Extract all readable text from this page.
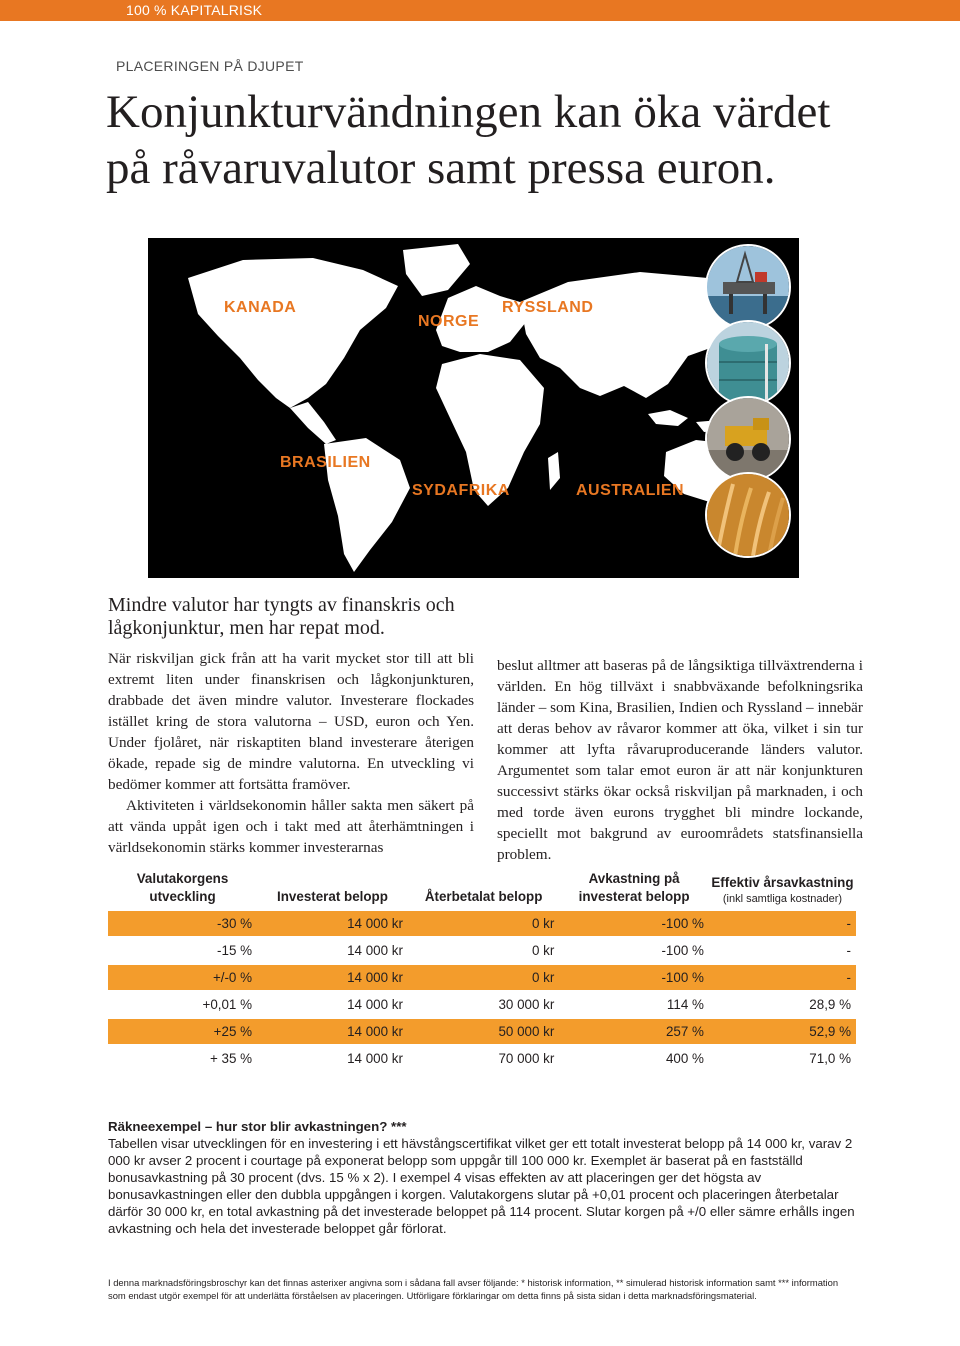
100 % KAPITALRISK
PLACERINGEN PÅ DJUPET
Konjunkturvändningen kan öka värdet på råvaruvalutor samt pressa euron.
KANADA
NORGE
RYSSLAND
BRASILIEN
SYDAFRIKA	AUSTRALIEN
Mindre valutor har tyngts av finanskris och lågkonjunktur, men har repat mod.

När riskviljan gick från att ha varit mycket stor till att bli extremt liten under finanskrisen och lågkonjunkturen, drabbade det även mindre valutor. Investerare flockades istället kring de stora valutorna – USD, euron och Yen. Under fjolåret, när riskaptiten bland investerare återigen ökade, repade sig de mindre valutorna. En utveckling vi bedömer kommer att fortsätta framöver.

Aktiviteten i världsekonomin håller sakta men säkert på att vända uppåt igen och i takt med att återhämtningen i världsekonomin stärks kommer investerarnas

beslut alltmer att baseras på de långsiktiga tillväxtrenderna i världen. En hög tillväxt i snabbväxande befolkningsrika länder – som Kina, Brasilien, Indien och Ryssland – innebär att deras behov av råvaror kommer att öka, vilket i sin tur kommer att lyfta råvaruproducerande länders valutor. Argumentet som talar emot euron är att när konjunkturen successivt stärks ökar också riskviljan på marknaden, i och med torde även eurons trygghet bli mindre lockande, speciellt mot bakgrund av euroområdets statsfinansiella problem.

Valutakorgens utveckling	Investerat belopp	Återbetalat belopp	Avkastning på investerat belopp	Effektiv årsavkastning
(inkl samtliga kostnader)

-30 %	14 000 kr	0 kr	-100 %	-
-15 %	14 000 kr	0 kr	-100 %	-
+/-0 %	14 000 kr	0 kr	-100 %	-
+0,01 %	14 000 kr	30 000 kr	114 %	28,9 %
+25 %	14 000 kr	50 000 kr	257 %	52,9 %
+ 35 %	14 000 kr	70 000 kr	400 %	71,0 %
Räkneexempel – hur stor blir avkastningen? ***
Tabellen visar utvecklingen för en investering i ett hävstångscertifikat vilket ger ett totalt investerat belopp på 14 000 kr, varav 2 000 kr avser 2 procent i courtage på exponerat belopp som uppgår till 100 000 kr. Exemplet är baserat på en fastställd bonusavkastning på 30 procent (dvs. 15 % x 2). I exempel 4 visas effekten av att placeringen ger det högsta av bonusavkastningen eller den dubbla uppgången i korgen. Valutakorgens slutar på +0,01 procent och placeringen återbetalar därför 30 000 kr, en total avkastning på det investerade beloppet på 114 procent. Slutar korgen på +/0 eller sämre erhålls ingen avkastning och hela det investerade beloppet går förlorat.
I denna marknadsföringsbroschyr kan det finnas asterixer angivna som i sådana fall avser följande: * historisk information, ** simulerad historisk information samt *** information som endast utgör exempel för att underlätta förståelsen av placeringen. Utförligare förklaringar om detta finns på sista sidan i detta marknadsföringsmaterial.
